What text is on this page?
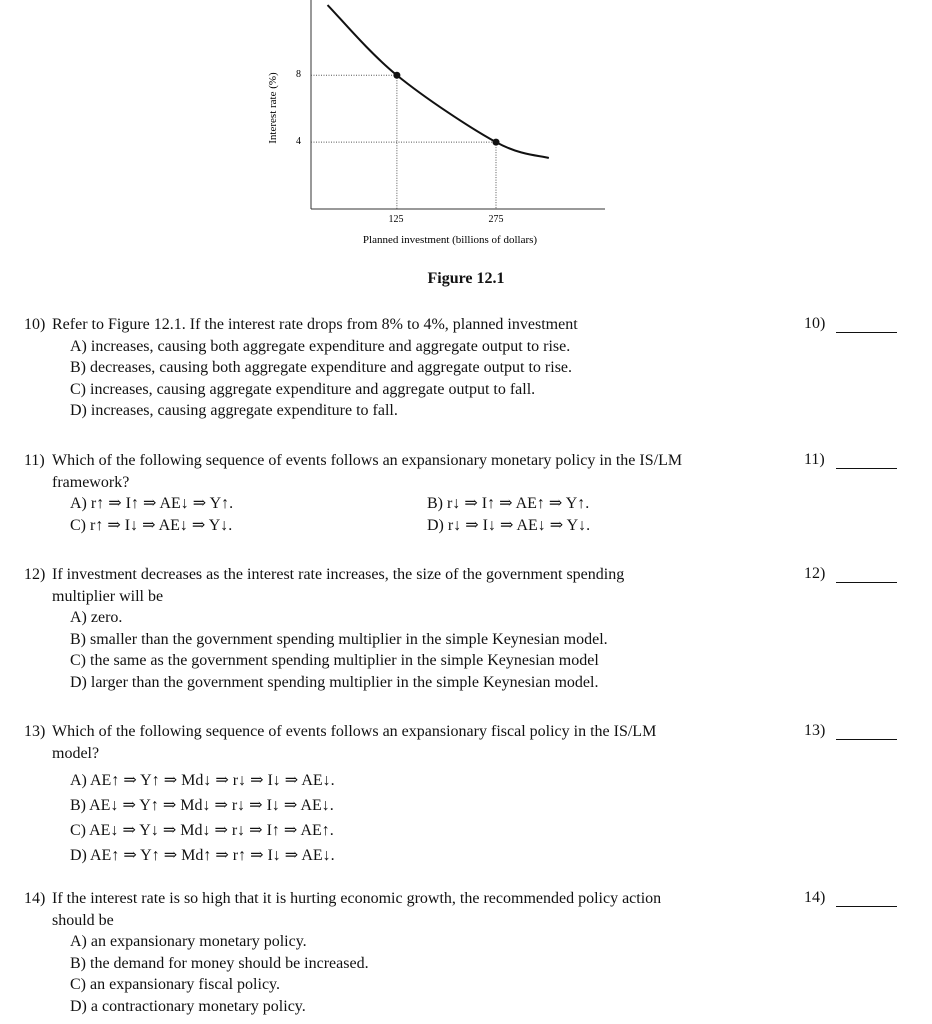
8
4
125	275
Planned investment (billions of dollars)
Interest rate (%)
Figure 12.1
10) Refer to Figure 12.1. If the interest rate drops from 8% to 4%, planned investment
A) increases, causing both aggregate expenditure and aggregate output to rise.
B) decreases, causing both aggregate expenditure and aggregate output to rise.
C) increases, causing aggregate expenditure and aggregate output to fall.
D) increases, causing aggregate expenditure to fall.
10)
11) Which of the following sequence of events follows an expansionary monetary policy in the IS/LM
framework?
A) r↑ ⇒ I↑ ⇒ AE↓ ⇒ Y↑.	B) r↓ ⇒ I↑ ⇒ AE↑ ⇒ Y↑.
C) r↑ ⇒ I↓ ⇒ AE↓ ⇒ Y↓.	D) r↓ ⇒ I↓ ⇒ AE↓ ⇒ Y↓.
11)
12) If investment decreases as the interest rate increases, the size of the government spending
multiplier will be
A) zero.
B) smaller than the government spending multiplier in the simple Keynesian model.
C) the same as the government spending multiplier in the simple Keynesian model
D) larger than the government spending multiplier in the simple Keynesian model.
12)
13) Which of the following sequence of events follows an expansionary fiscal policy in the IS/LM
model?
A) AE↑ ⇒ Y↑ ⇒ Md↓ ⇒ r↓ ⇒ I↓ ⇒ AE↓.
B) AE↓ ⇒ Y↑ ⇒ Md↓ ⇒ r↓ ⇒ I↓ ⇒ AE↓.
C) AE↓ ⇒ Y↓ ⇒ Md↓ ⇒ r↓ ⇒ I↑ ⇒ AE↑.
D) AE↑ ⇒ Y↑ ⇒ Md↑ ⇒ r↑ ⇒ I↓ ⇒ AE↓.
13)
14) If the interest rate is so high that it is hurting economic growth, the recommended policy action
should be
A) an expansionary monetary policy.
B) the demand for money should be increased.
C) an expansionary fiscal policy.
D) a contractionary monetary policy.
14)
